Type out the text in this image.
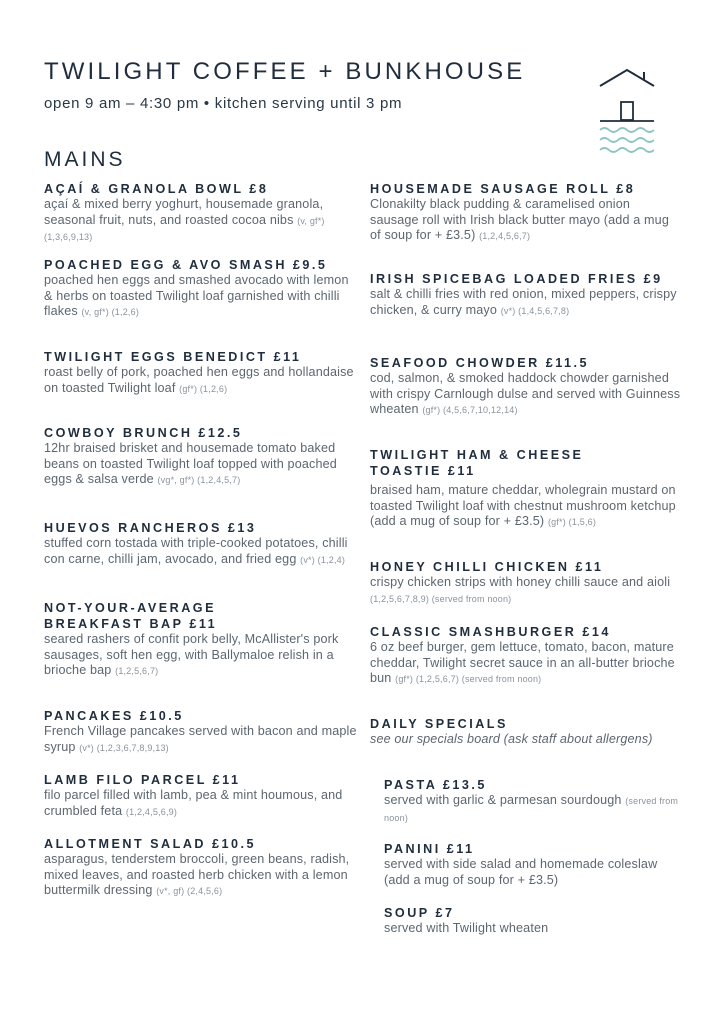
TWILIGHT COFFEE + BUNKHOUSE
open 9 am – 4:30 pm • kitchen serving until 3 pm
MAINS
AÇAÍ & GRANOLA BOWL £8
açaí & mixed berry yoghurt, housemade granola, seasonal fruit, nuts, and roasted cocoa nibs (v, gf*) (1,3,6,9,13)
POACHED EGG & AVO SMASH £9.5
poached hen eggs and smashed avocado with lemon & herbs on toasted Twilight loaf garnished with chilli flakes (v, gf*) (1,2,6)
TWILIGHT EGGS BENEDICT £11
roast belly of pork, poached hen eggs and hollandaise on toasted Twilight loaf (gf*) (1,2,6)
COWBOY BRUNCH £12.5
12hr braised brisket and housemade tomato baked beans on toasted Twilight loaf topped with poached eggs & salsa verde (vg*, gf*) (1,2,4,5,7)
HUEVOS RANCHEROS £13
stuffed corn tostada with triple-cooked potatoes, chilli con carne, chilli jam, avocado, and fried egg (v*) (1,2,4)
NOT-YOUR-AVERAGE BREAKFAST BAP £11
seared rashers of confit pork belly, McAllister's pork sausages, soft hen egg, with Ballymaloe relish in a brioche bap (1,2,5,6,7)
PANCAKES £10.5
French Village pancakes served with bacon and maple syrup (v*) (1,2,3,6,7,8,9,13)
LAMB FILO PARCEL £11
filo parcel filled with lamb, pea & mint houmous, and crumbled feta (1,2,4,5,6,9)
ALLOTMENT SALAD £10.5
asparagus, tenderstem broccoli, green beans, radish, mixed leaves, and roasted herb chicken with a lemon buttermilk dressing (v*, gf) (2,4,5,6)
HOUSEMADE SAUSAGE ROLL £8
Clonakilty black pudding & caramelised onion sausage roll with Irish black butter mayo (add a mug of soup for + £3.5) (1,2,4,5,6,7)
IRISH SPICEBAG LOADED FRIES £9
salt & chilli fries with red onion, mixed peppers, crispy chicken, & curry mayo (v*) (1,4,5,6,7,8)
SEAFOOD CHOWDER £11.5
cod, salmon, & smoked haddock chowder garnished with crispy Carnlough dulse and served with Guinness wheaten (gf*) (4,5,6,7,10,12,14)
TWILIGHT HAM & CHEESE TOASTIE £11
braised ham, mature cheddar, wholegrain mustard on toasted Twilight loaf with chestnut mushroom ketchup (add a mug of soup for + £3.5) (gf*) (1,5,6)
HONEY CHILLI CHICKEN £11
crispy chicken strips with honey chilli sauce and aioli (1,2,5,6,7,8,9) (served from noon)
CLASSIC SMASHBURGER £14
6 oz beef burger, gem lettuce, tomato, bacon, mature cheddar, Twilight secret sauce in an all-butter brioche bun (gf*) (1,2,5,6,7) (served from noon)
DAILY SPECIALS
see our specials board (ask staff about allergens)
PASTA £13.5
served with garlic & parmesan sourdough (served from noon)
PANINI £11
served with side salad and homemade coleslaw (add a mug of soup for + £3.5)
SOUP £7
served with Twilight wheaten
